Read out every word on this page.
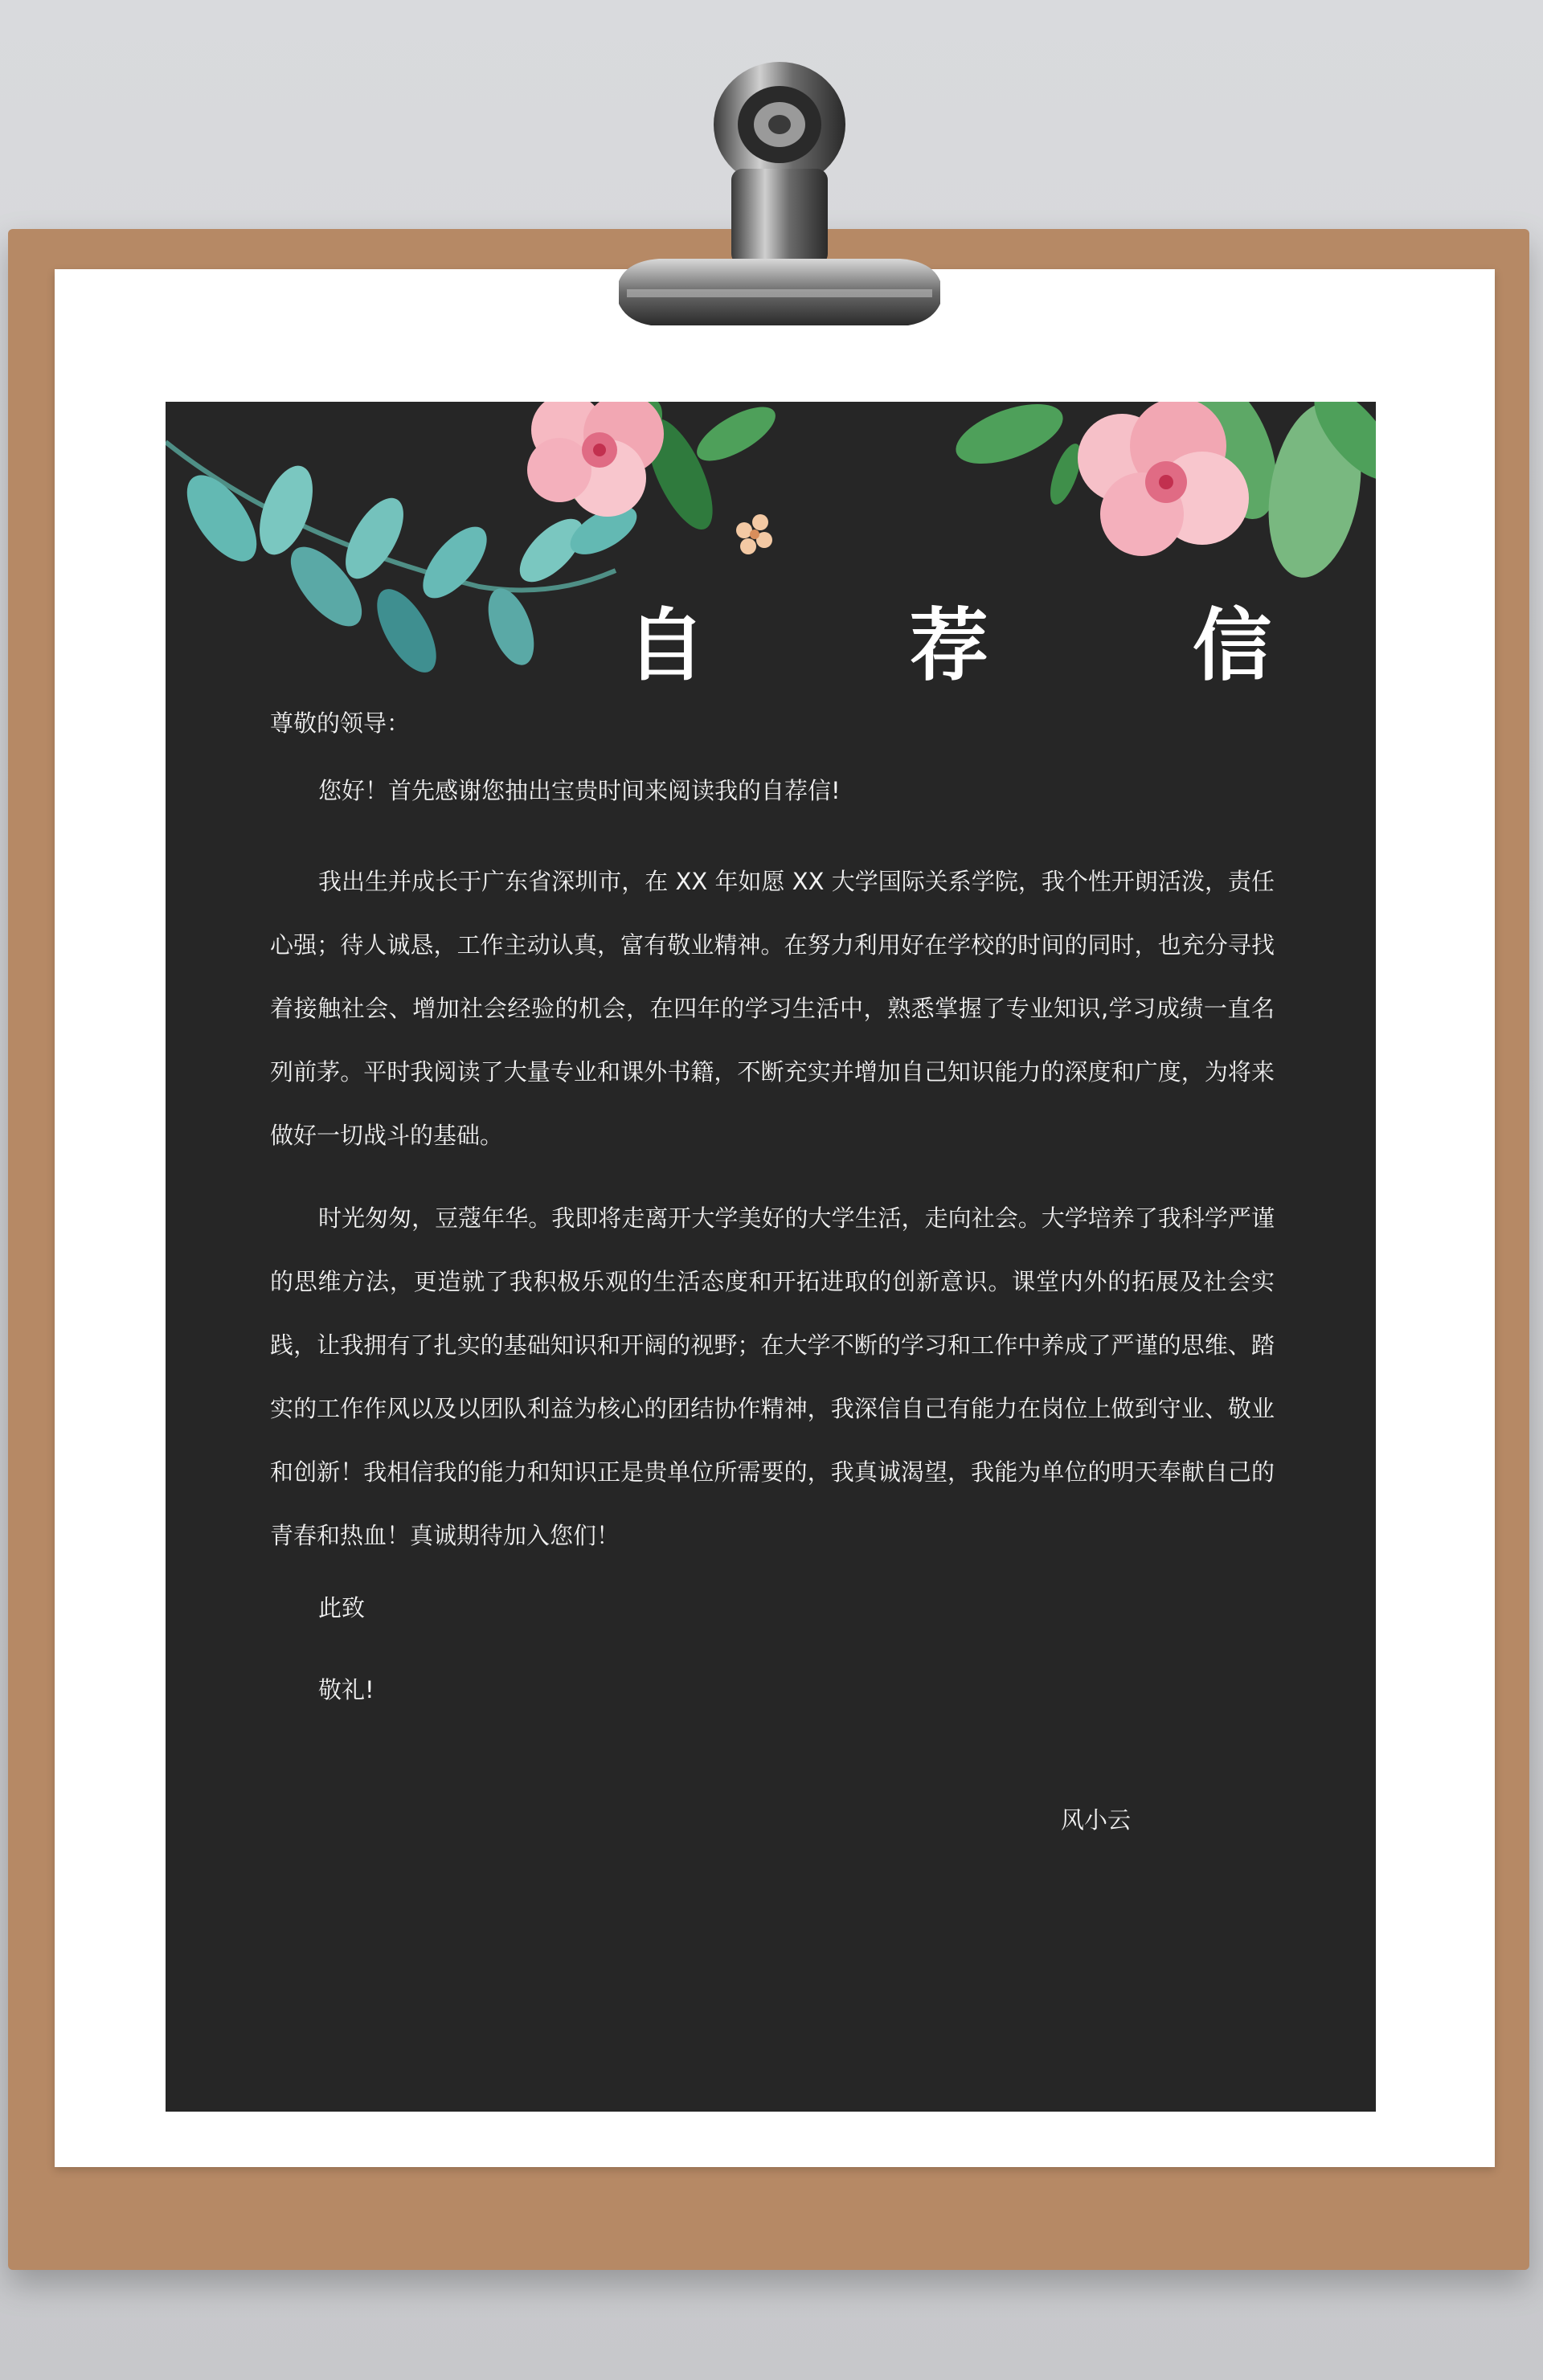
自 荐 信

尊敬的领导：

您好！首先感谢您抽出宝贵时间来阅读我的自荐信!

我出生并成长于广东省深圳市，在 XX 年如愿 XX 大学国际关系学院，我个性开朗活泼，责任心强；待人诚恳，工作主动认真，富有敬业精神。在努力利用好在学校的时间的同时，也充分寻找着接触社会、增加社会经验的机会，在四年的学习生活中，熟悉掌握了专业知识,学习成绩一直名列前茅。平时我阅读了大量专业和课外书籍，不断充实并增加自己知识能力的深度和广度，为将来做好一切战斗的基础。

时光匆匆，豆蔻年华。我即将走离开大学美好的大学生活，走向社会。大学培养了我科学严谨的思维方法，更造就了我积极乐观的生活态度和开拓进取的创新意识。课堂内外的拓展及社会实践，让我拥有了扎实的基础知识和开阔的视野；在大学不断的学习和工作中养成了严谨的思维、踏实的工作作风以及以团队利益为核心的团结协作精神，我深信自己有能力在岗位上做到守业、敬业和创新！我相信我的能力和知识正是贵单位所需要的，我真诚渴望，我能为单位的明天奉献自己的青春和热血！真诚期待加入您们！

此致

敬礼!

风小云
